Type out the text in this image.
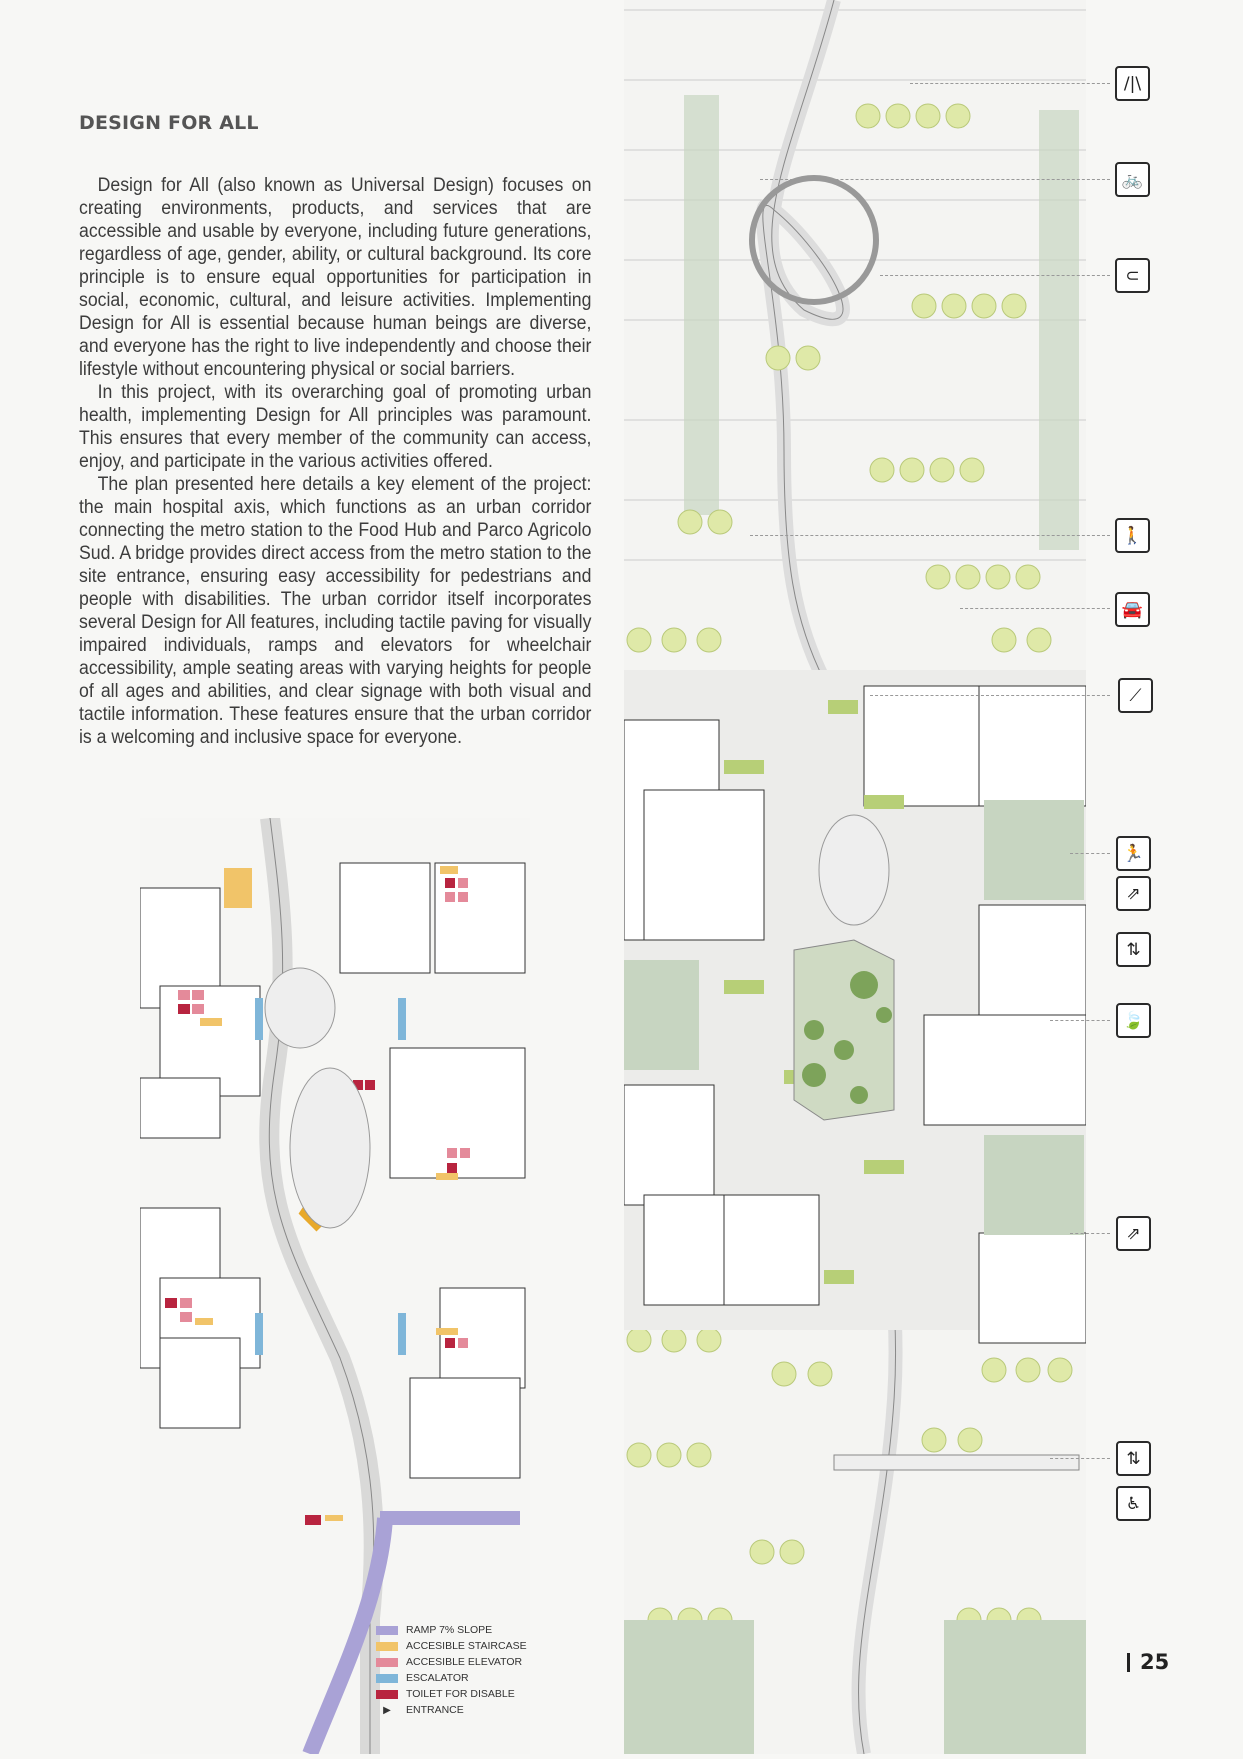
DESIGN FOR ALL

Design for All (also known as Universal Design) focuses on creating environments, products, and services that are accessible and usable by everyone, including future generations, regardless of age, gender, ability, or cultural background. Its core principle is to ensure equal opportunities for participation in social, economic, cultural, and leisure activities. Implementing Design for All is essential because human beings are diverse, and everyone has the right to live independently and choose their lifestyle without encountering physical or social barriers.

In this project, with its overarching goal of promoting urban health, implementing Design for All principles was paramount. This ensures that every member of the community can access, enjoy, and participate in the various activities offered.

The plan presented here details a key element of the project: the main hospital axis, which functions as an urban corridor connecting the metro station to the Food Hub and Parco Agricolo Sud. A bridge provides direct access from the metro station to the site entrance, ensuring easy accessibility for pedestrians and people with disabilities. The urban corridor itself incorporates several Design for All features, including tactile paving for visually impaired individuals, ramps and elevators for wheelchair accessibility, ample seating areas with varying heights for people of all ages and abilities, and clear signage with both visual and tactile information. These features ensure that the urban corridor is a welcoming and inclusive space for everyone.

RAMP 7% SLOPE
ACCESIBLE STAIRCASE
ACCESIBLE ELEVATOR
ESCALATOR
TOILET FOR DISABLE
▶	ENTRANCE
/|\
🚲
⊂
🚶
🚘
⟋
🏃
⇗
⇅
🍃
⇗
⇅
♿
25
